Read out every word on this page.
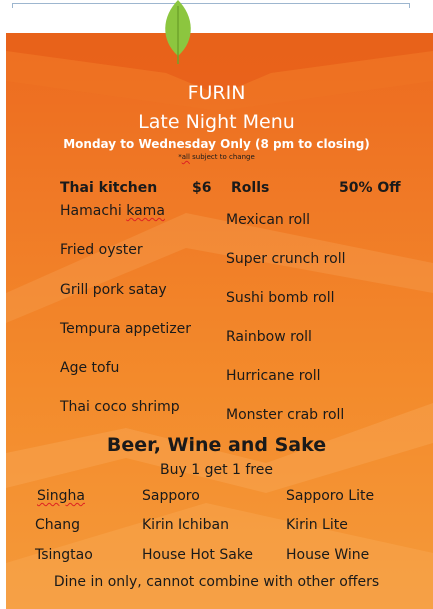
FURIN
Late Night Menu
Monday to Wednesday Only (8 pm to closing)
*all subject to change
Thai kitchen $6
Hamachi kama
Fried oyster
Grill pork satay
Tempura appetizer
Age tofu
Thai coco shrimp
Rolls	50% Off
Mexican roll
Super crunch roll
Sushi bomb roll
Rainbow roll
Hurricane roll
Monster crab roll
Beer, Wine and Sake
Buy 1 get 1 free
Singha
Chang
Tsingtao
Sapporo
Kirin Ichiban
House Hot Sake
Sapporo Lite
Kirin Lite
House Wine
Dine in only, cannot combine with other offers
